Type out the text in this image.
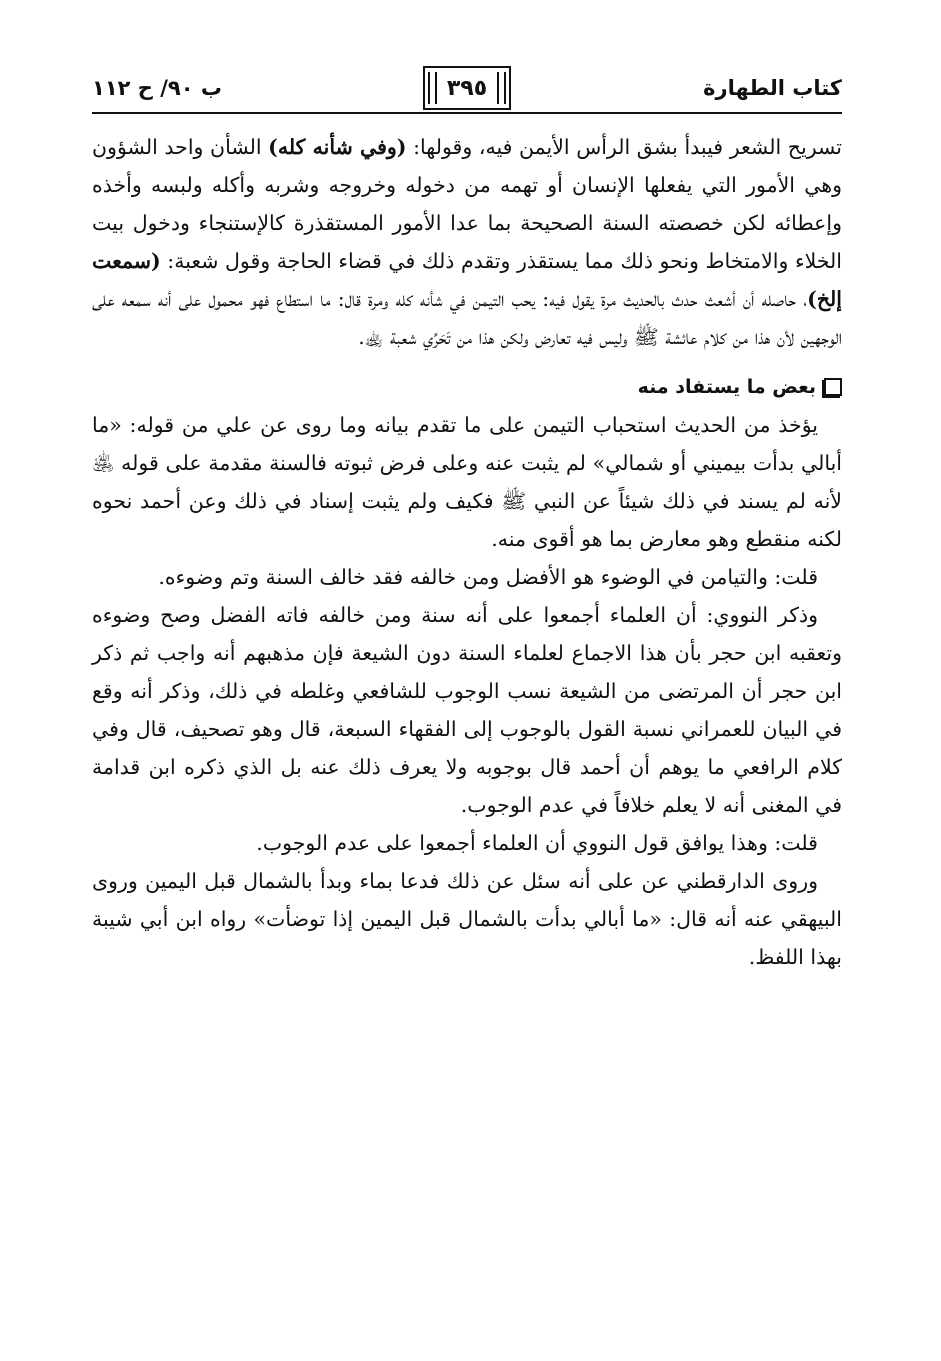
كتاب الطهارة
٣٩٥
ب ٩٠/ ح ١١٢

تسريح الشعر فيبدأ بشق الرأس الأيمن فيه، وقولها: (وفي شأنه كله) الشأن واحد الشؤون وهي الأمور التي يفعلها الإنسان أو تهمه من دخوله وخروجه وشربه وأكله ولبسه وأخذه وإعطائه لكن خصصته السنة الصحيحة بما عدا الأمور المستقذرة كالإستنجاء ودخول بيت الخلاء والامتخاط ونحو ذلك مما يستقذر وتقدم ذلك في قضاء الحاجة وقول شعبة: (سمعت إلخ)، حاصله أن أشعث حدث بالحديث مرة يقول فيه: يحب التيمن في شأنه كله ومرة قال: ما استطاع فهو محمول على أنه سمعه على الوجهين لأن هذا من كلام عائشة ﷺ وليس فيه تعارض ولكن هذا من تَحَرِّي شعبة ﵀.

بعض ما يستفاد منه

يؤخذ من الحديث استحباب التيمن على ما تقدم بيانه وما روى عن علي من قوله: «ما أبالي بدأت بيميني أو شمالي» لم يثبت عنه وعلى فرض ثبوته فالسنة مقدمة على قوله ﵁ لأنه لم يسند في ذلك شيئاً عن النبي ﷺ فكيف ولم يثبت إسناد في ذلك وعن أحمد نحوه لكنه منقطع وهو معارض بما هو أقوى منه.

قلت: والتيامن في الوضوء هو الأفضل ومن خالفه فقد خالف السنة وتم وضوءه.

وذكر النووي: أن العلماء أجمعوا على أنه سنة ومن خالفه فاته الفضل وصح وضوءه وتعقبه ابن حجر بأن هذا الاجماع لعلماء السنة دون الشيعة فإن مذهبهم أنه واجب ثم ذكر ابن حجر أن المرتضى من الشيعة نسب الوجوب للشافعي وغلطه في ذلك، وذكر أنه وقع في البيان للعمراني نسبة القول بالوجوب إلى الفقهاء السبعة، قال وهو تصحيف، قال وفي كلام الرافعي ما يوهم أن أحمد قال بوجوبه ولا يعرف ذلك عنه بل الذي ذكره ابن قدامة في المغنى أنه لا يعلم خلافاً في عدم الوجوب.

قلت: وهذا يوافق قول النووي أن العلماء أجمعوا على عدم الوجوب.

وروى الدارقطني عن على أنه سئل عن ذلك فدعا بماء وبدأ بالشمال قبل اليمين وروى البيهقي عنه أنه قال: «ما أبالي بدأت بالشمال قبل اليمين إذا توضأت» رواه ابن أبي شيبة بهذا اللفظ.
